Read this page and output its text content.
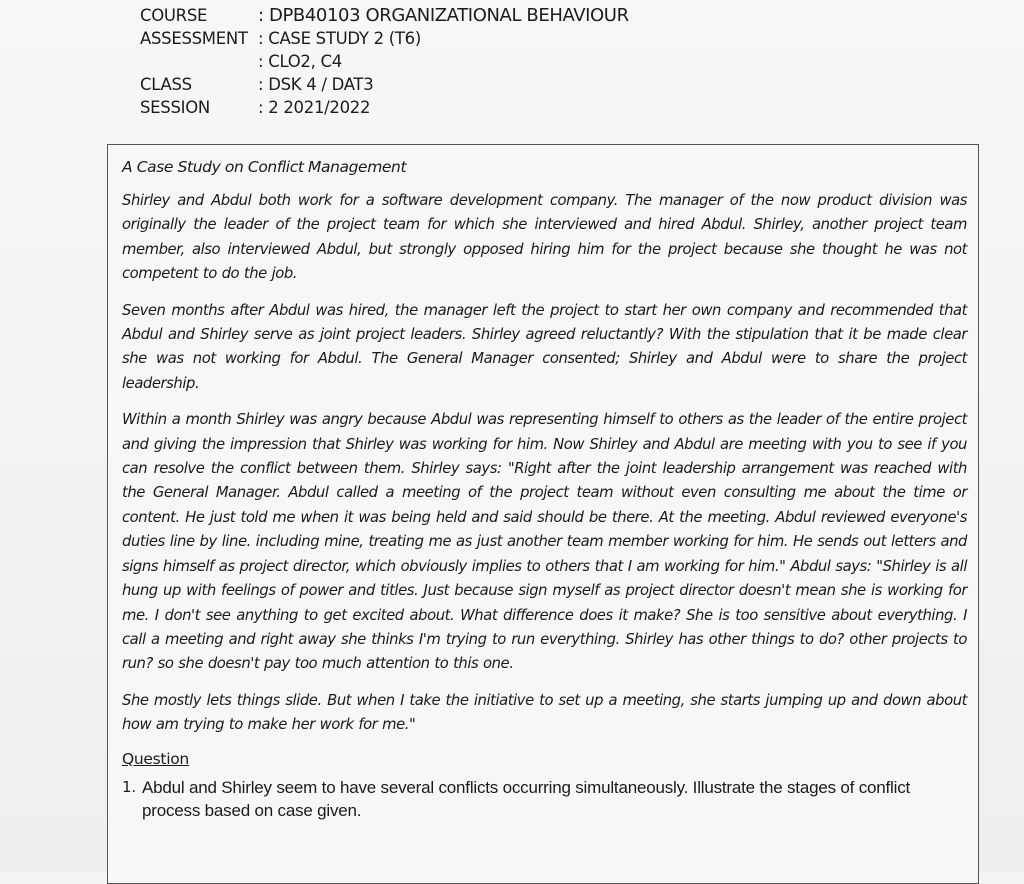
COURSE	: DPB40103 ORGANIZATIONAL BEHAVIOUR
ASSESSMENT	: CASE STUDY 2 (T6)
: CLO2, C4
CLASS	: DSK 4 / DAT3
SESSION	: 2 2021/2022
A Case Study on Conflict Management

Shirley and Abdul both work for a software development company. The manager of the now product division was originally the leader of the project team for which she interviewed and hired Abdul. Shirley, another project team member, also interviewed Abdul, but strongly opposed hiring him for the project because she thought he was not competent to do the job.

Seven months after Abdul was hired, the manager left the project to start her own company and recommended that Abdul and Shirley serve as joint project leaders. Shirley agreed reluctantly? With the stipulation that it be made clear she was not working for Abdul. The General Manager consented; Shirley and Abdul were to share the project leadership.

Within a month Shirley was angry because Abdul was representing himself to others as the leader of the entire project and giving the impression that Shirley was working for him. Now Shirley and Abdul are meeting with you to see if you can resolve the conflict between them. Shirley says: "Right after the joint leadership arrangement was reached with the General Manager. Abdul called a meeting of the project team without even consulting me about the time or content. He just told me when it was being held and said should be there. At the meeting. Abdul reviewed everyone's duties line by line. including mine, treating me as just another team member working for him. He sends out letters and signs himself as project director, which obviously implies to others that I am working for him." Abdul says: "Shirley is all hung up with feelings of power and titles. Just because sign myself as project director doesn't mean she is working for me. I don't see anything to get excited about. What difference does it make? She is too sensitive about everything. I call a meeting and right away she thinks I'm trying to run everything. Shirley has other things to do? other projects to run? so she doesn't pay too much attention to this one.

She mostly lets things slide. But when I take the initiative to set up a meeting, she starts jumping up and down about how am trying to make her work for me."

Question
1. Abdul and Shirley seem to have several conflicts occurring simultaneously. Illustrate the stages of conflict process based on case given.
